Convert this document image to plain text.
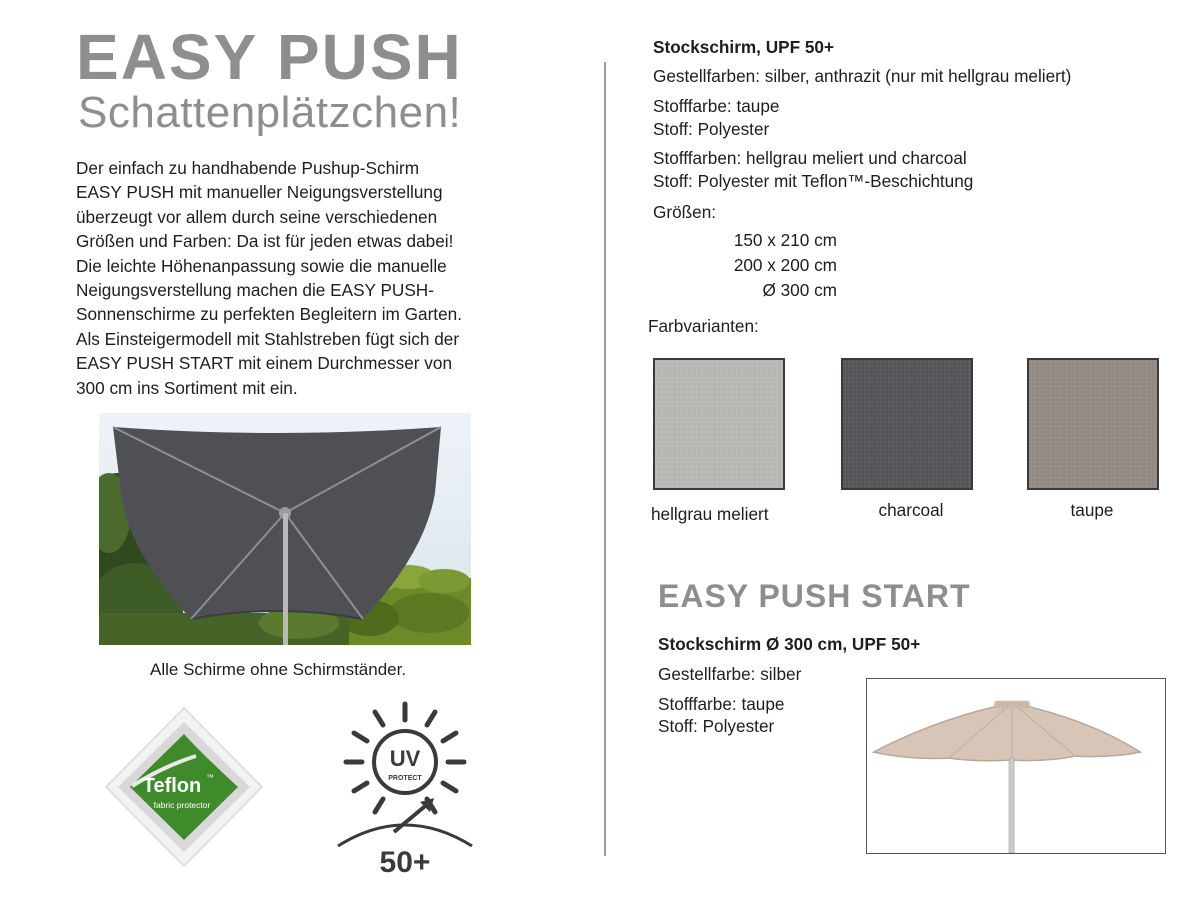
EASY PUSH
Schattenplätzchen!
Der einfach zu handhabende Pushup-Schirm
EASY PUSH mit manueller Neigungsverstellung
überzeugt vor allem durch seine verschiedenen
Größen und Farben: Da ist für jeden etwas dabei!
Die leichte Höhenanpassung sowie die manuelle
Neigungsverstellung machen die EASY PUSH-
Sonnenschirme zu perfekten Begleitern im Garten.
Als Einsteigermodell mit Stahlstreben fügt sich der
EASY PUSH START mit einem Durchmesser von
300 cm ins Sortiment mit ein.
Alle Schirme ohne Schirmständer.
Teflon ™
fabric protector
UV
PROTECT
50+
Stockschirm, UPF 50+
Gestellfarben: silber, anthrazit (nur mit hellgrau meliert)
Stofffarbe: taupe
Stoff: Polyester
Stofffarben: hellgrau meliert und charcoal
Stoff: Polyester mit Teflon™-Beschichtung
Größen:
150 x 210 cm
200 x 200 cm
Ø 300 cm
Farbvarianten:
hellgrau meliert	charcoal	taupe
EASY PUSH START
Stockschirm Ø 300 cm, UPF 50+
Gestellfarbe: silber
Stofffarbe: taupe
Stoff: Polyester
